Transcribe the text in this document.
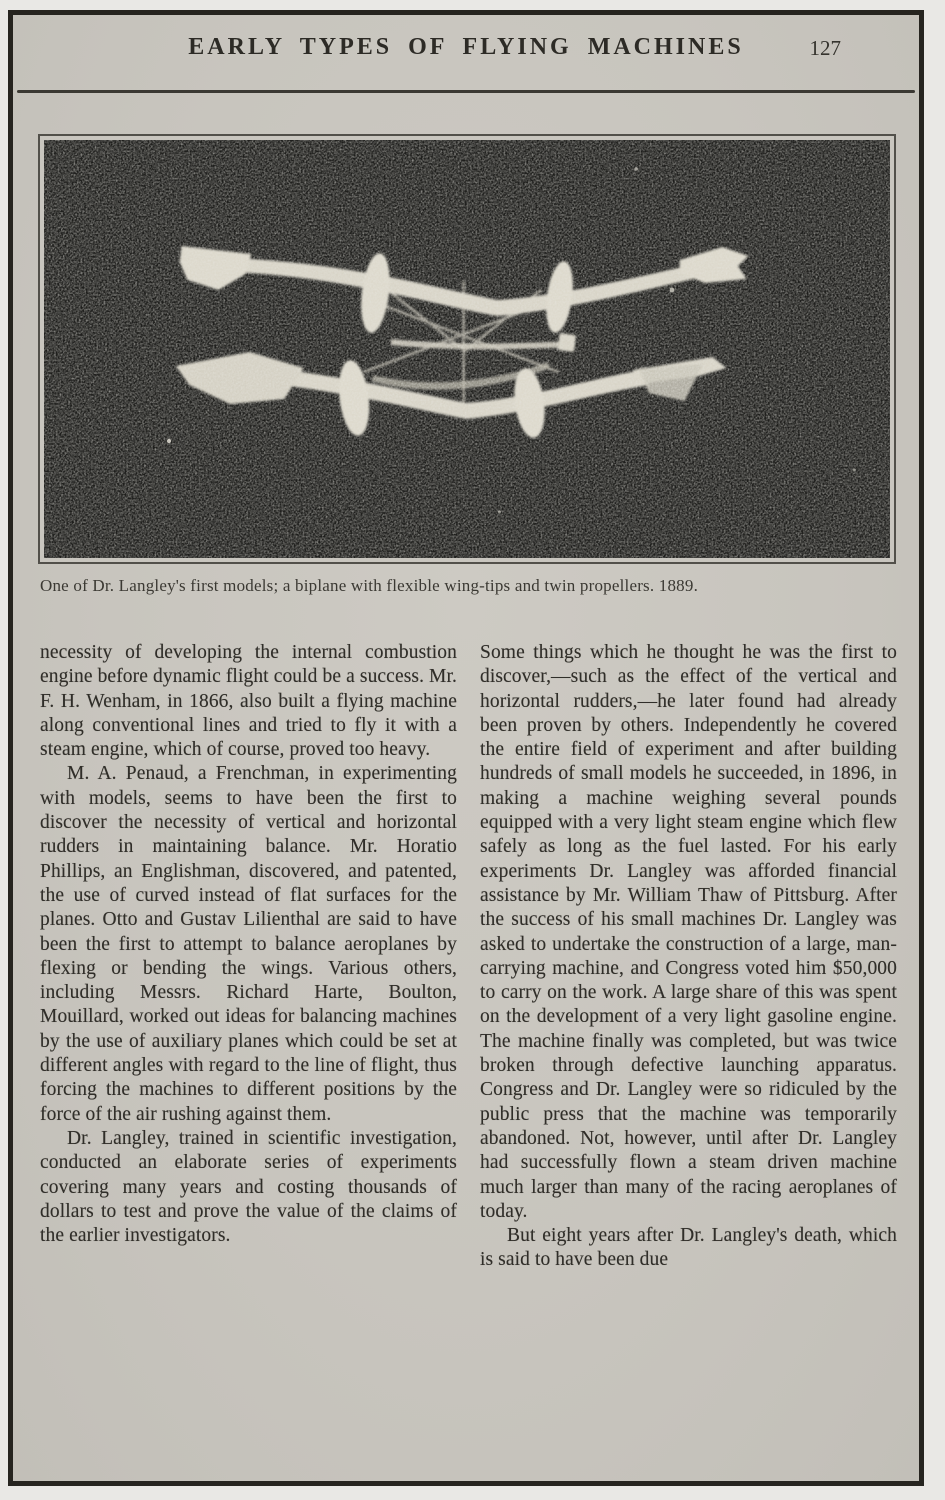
EARLY TYPES OF FLYING MACHINES	127
One of Dr. Langley's first models; a biplane with flexible wing-tips and twin propellers. 1889.

necessity of developing the internal combustion engine before dynamic flight could be a success. Mr. F. H. Wenham, in 1866, also built a flying machine along conventional lines and tried to fly it with a steam engine, which of course, proved too heavy.

M. A. Penaud, a Frenchman, in experimenting with models, seems to have been the first to discover the necessity of vertical and horizontal rudders in maintaining balance. Mr. Horatio Phillips, an Englishman, discovered, and patented, the use of curved instead of flat surfaces for the planes. Otto and Gustav Lilienthal are said to have been the first to attempt to balance aeroplanes by flexing or bending the wings. Various others, including Messrs. Richard Harte, Boulton, Mouillard, worked out ideas for balancing machines by the use of auxiliary planes which could be set at different angles with regard to the line of flight, thus forcing the machines to different positions by the force of the air rushing against them.

Dr. Langley, trained in scientific investigation, conducted an elaborate series of experiments covering many years and costing thousands of dollars to test and prove the value of the claims of the earlier investigators.

Some things which he thought he was the first to discover,—such as the effect of the vertical and horizontal rudders,—he later found had already been proven by others. Independently he covered the entire field of experiment and after building hundreds of small models he succeeded, in 1896, in making a machine weighing several pounds equipped with a very light steam engine which flew safely as long as the fuel lasted. For his early experiments Dr. Langley was afforded financial assistance by Mr. William Thaw of Pittsburg. After the success of his small machines Dr. Langley was asked to undertake the construction of a large, man-carrying machine, and Congress voted him $50,000 to carry on the work. A large share of this was spent on the development of a very light gasoline engine. The machine finally was completed, but was twice broken through defective launching apparatus. Congress and Dr. Langley were so ridiculed by the public press that the machine was temporarily abandoned. Not, however, until after Dr. Langley had successfully flown a steam driven machine much larger than many of the racing aeroplanes of today.

But eight years after Dr. Langley's death, which is said to have been due
